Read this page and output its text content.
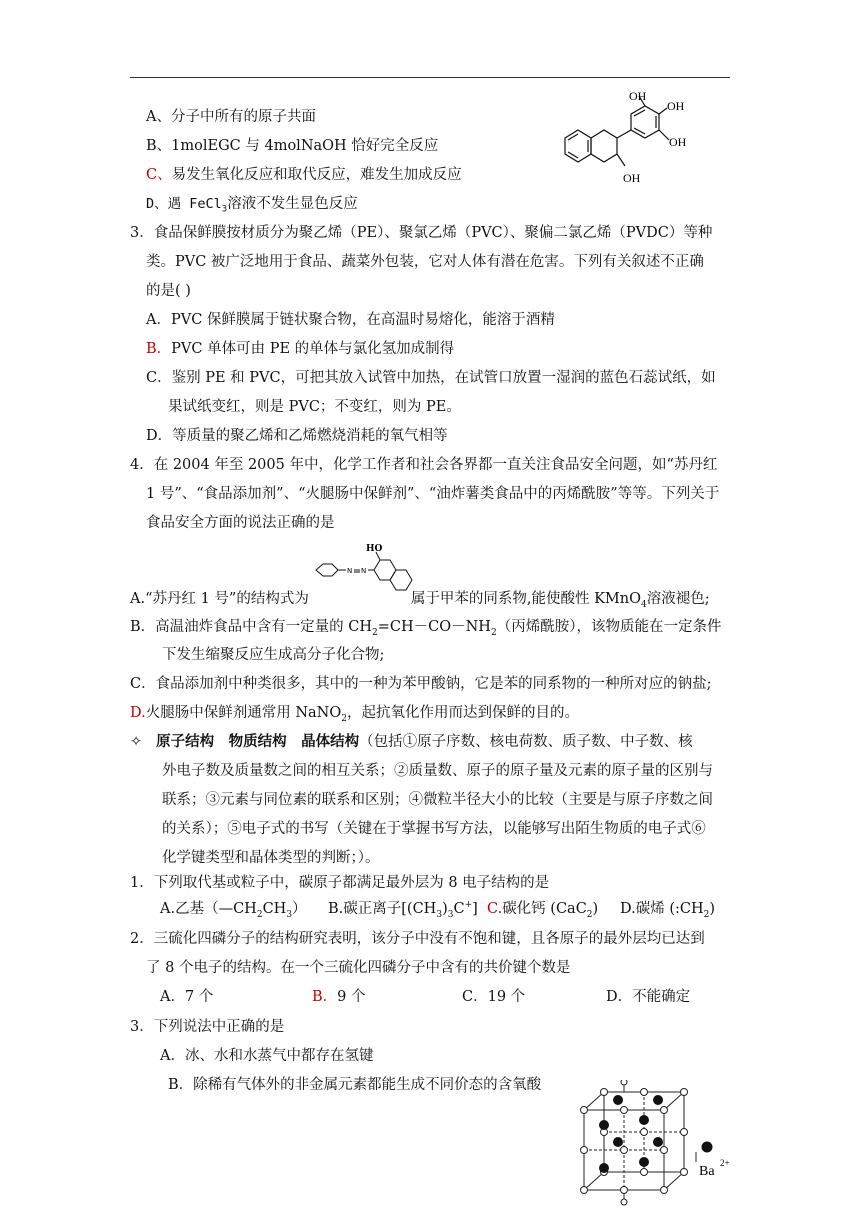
A、分子中所有的原子共面
B、1molEGC 与 4molNaOH 恰好完全反应
C、易发生氧化反应和取代反应，难发生加成反应
D、遇 FeCl$_3$溶液不发生显色反应
OH
OH
OH
OH
3．食品保鲜膜按材质分为聚乙烯（PE）、聚氯乙烯（PVC）、聚偏二氯乙烯（PVDC）等种
类。PVC 被广泛地用于食品、蔬菜外包装，它对人体有潜在危害。下列有关叙述不正确
的是( )
A．PVC 保鲜膜属于链状聚合物，在高温时易熔化，能溶于酒精
B．PVC 单体可由 PE 的单体与氯化氢加成制得
C．鉴别 PE 和 PVC，可把其放入试管中加热，在试管口放置一湿润的蓝色石蕊试纸，如
果试纸变红，则是 PVC；不变红，则为 PE。
D．等质量的聚乙烯和乙烯燃烧消耗的氧气相等
4．在 2004 年至 2005 年中，化学工作者和社会各界都一直关注食品安全问题，如“苏丹红
1 号”、“食品添加剂”、“火腿肠中保鲜剂”、“油炸薯类食品中的丙烯酰胺”等等。下列关于
食品安全方面的说法正确的是
N N
HO
A.“苏丹红 1 号”的结构式为	属于甲苯的同系物,能使酸性 KMnO$_4$溶液褪色;
B．高温油炸食品中含有一定量的 $CH_2=CH-CO-NH_2$（丙烯酰胺），该物质能在一定条件
下发生缩聚反应生成高分子化合物;
C．食品添加剂中种类很多，其中的一种为苯甲酸钠，它是苯的同系物的一种所对应的钠盐;
D.火腿肠中保鲜剂通常用 NaNO$_2$，起抗氧化作用而达到保鲜的目的。
✧ 原子结构　物质结构　晶体结构（包括①原子序数、核电荷数、质子数、中子数、核
外电子数及质量数之间的相互关系；②质量数、原子的原子量及元素的原子量的区别与
联系；③元素与同位素的联系和区别；④微粒半径大小的比较（主要是与原子序数之间
的关系）；⑤电子式的书写（关键在于掌握书写方法，以能够写出陌生物质的电子式⑥
化学键类型和晶体类型的判断；）。
1．下列取代基或粒子中，碳原子都满足最外层为 8 电子结构的是
A.乙基$(—CH_2CH_3)$ B.碳正离子$[(CH_3)_3C^+]$ C.碳化钙 (CaC$_2$) D.碳烯 $(:CH_2)$
2．三硫化四磷分子的结构研究表明，该分子中没有不饱和键，且各原子的最外层均已达到
了 8 个电子的结构。在一个三硫化四磷分子中含有的共价键个数是
A．7 个	B．9 个	C．19 个	D．不能确定
3．下列说法中正确的是
A．冰、水和水蒸气中都存在氢键
B．除稀有气体外的非金属元素都能生成不同价态的含氧酸
Ba
2+
